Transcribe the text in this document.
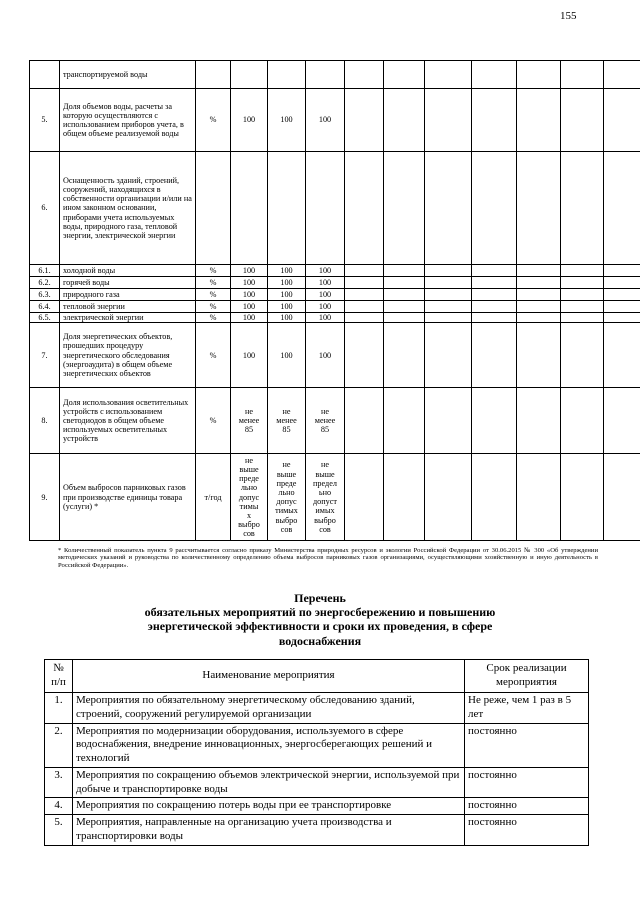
155
	транспортируемой воды											
5.	Доля объемов воды, расчеты за которую осуществляются с использованием приборов учета, в общем объеме реализуемой воды	%	100	100	100							
6.	Оснащенность зданий, строений, сооружений, находящихся в собственности организации и/или на ином законном основании, приборами учета используемых воды, природного газа, тепловой энергии, электрической энергии											
6.1.	холодной воды	%	100	100	100							
6.2.	горячей воды	%	100	100	100							
6.3.	природного газа	%	100	100	100							
6.4.	тепловой энергии	%	100	100	100							
6.5.	электрической энергии	%	100	100	100							
7.	Доля энергетических объектов, прошедших процедуру энергетического обследования (энергоаудита) в общем объеме энергетических объектов	%	100	100	100							
8.	Доля использования осветительных устройств с использованием светодиодов в общем объеме используемых осветительных устройств	%	не менее 85	не менее 85	не менее 85							
9.	Объем выбросов парниковых газов при производстве единицы товара (услуги) *	т/год	не выше предельно допустимых выбросов	не выше предельно допустимых выбросов	не выше предельно допустимых выбросов							
* Количественный показатель пункта 9 рассчитывается согласно приказу Министерства природных ресурсов и экологии Российской Федерации от 30.06.2015 № 300 «Об утверждении методических указаний и руководства по количественному определению объема выбросов парниковых газов организациями, осуществляющими хозяйственную и иную деятельность в Российской Федерации».
Перечень
обязательных мероприятий по энергосбережению и повышению энергетической эффективности и сроки их проведения, в сфере водоснабжения
№ п/п	Наименование мероприятия	Срок реализации мероприятия
1.	Мероприятия по обязательному энергетическому обследованию зданий, строений, сооружений регулируемой организации	Не реже, чем 1 раз в 5 лет
2.	Мероприятия по модернизации оборудования, используемого в сфере водоснабжения, внедрение инновационных, энергосберегающих решений и технологий	постоянно
3.	Мероприятия по сокращению объемов электрической энергии, используемой при добыче и транспортировке воды	постоянно
4.	Мероприятия по сокращению потерь воды при ее транспортировке	постоянно
5.	Мероприятия, направленные на организацию учета производства и транспортировки воды	постоянно
